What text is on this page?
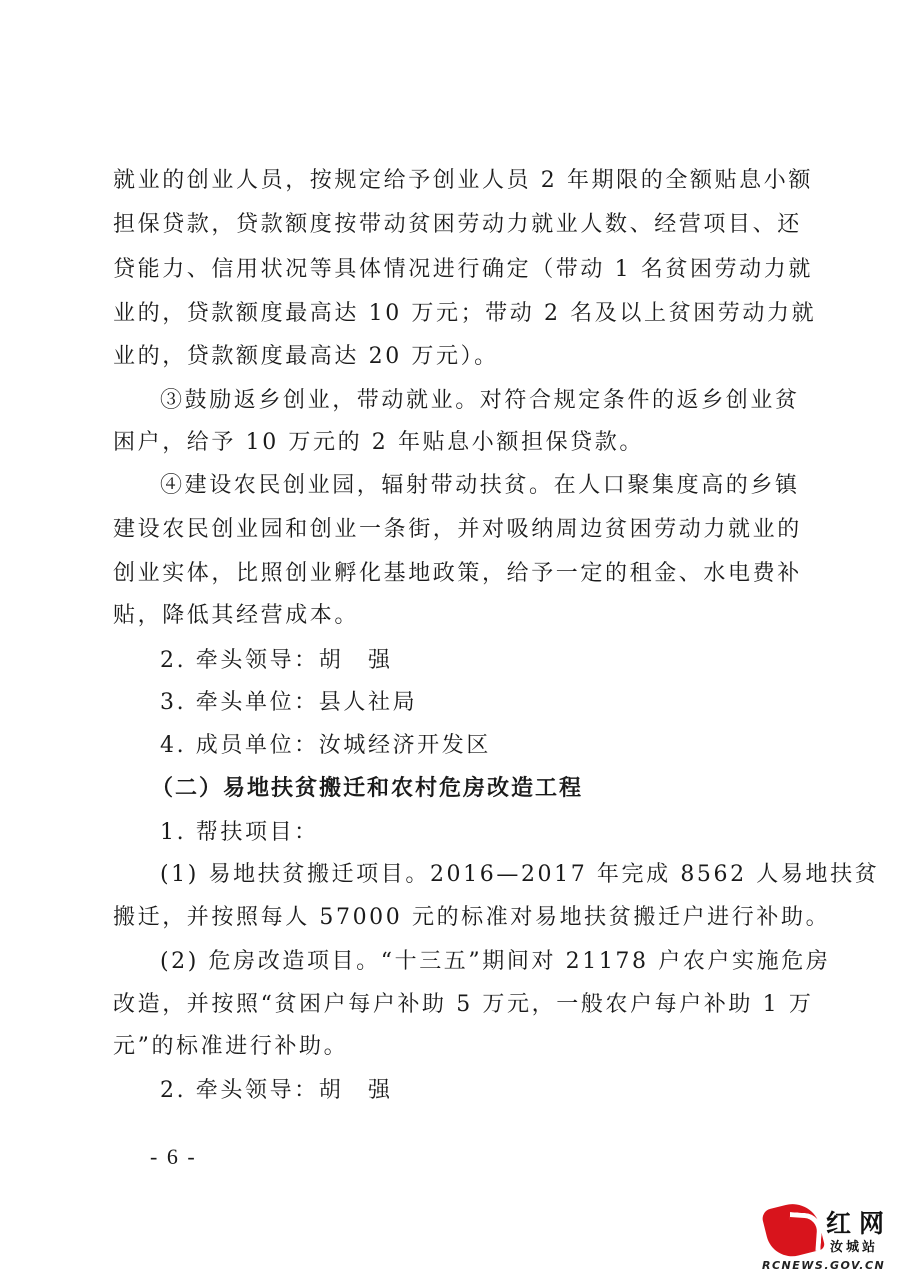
就业的创业人员，按规定给予创业人员 2 年期限的全额贴息小额
担保贷款，贷款额度按带动贫困劳动力就业人数、经营项目、还
贷能力、信用状况等具体情况进行确定（带动 1 名贫困劳动力就
业的，贷款额度最高达 10 万元；带动 2 名及以上贫困劳动力就
业的，贷款额度最高达 20 万元）。
③鼓励返乡创业，带动就业。对符合规定条件的返乡创业贫
困户，给予 10 万元的 2 年贴息小额担保贷款。
④建设农民创业园，辐射带动扶贫。在人口聚集度高的乡镇
建设农民创业园和创业一条街，并对吸纳周边贫困劳动力就业的
创业实体，比照创业孵化基地政策，给予一定的租金、水电费补
贴，降低其经营成本。
2. 牵头领导：胡　强
3. 牵头单位：县人社局
4. 成员单位：汝城经济开发区
（二）易地扶贫搬迁和农村危房改造工程
1. 帮扶项目：
(1) 易地扶贫搬迁项目。2016—2017 年完成 8562 人易地扶贫
搬迁，并按照每人 57000 元的标准对易地扶贫搬迁户进行补助。
(2) 危房改造项目。“十三五”期间对 21178 户农户实施危房
改造，并按照“贫困户每户补助 5 万元，一般农户每户补助 1 万
元”的标准进行补助。
2. 牵头领导：胡　强
- 6 -
红网
汝城站
RCNEWS.GOV.CN
